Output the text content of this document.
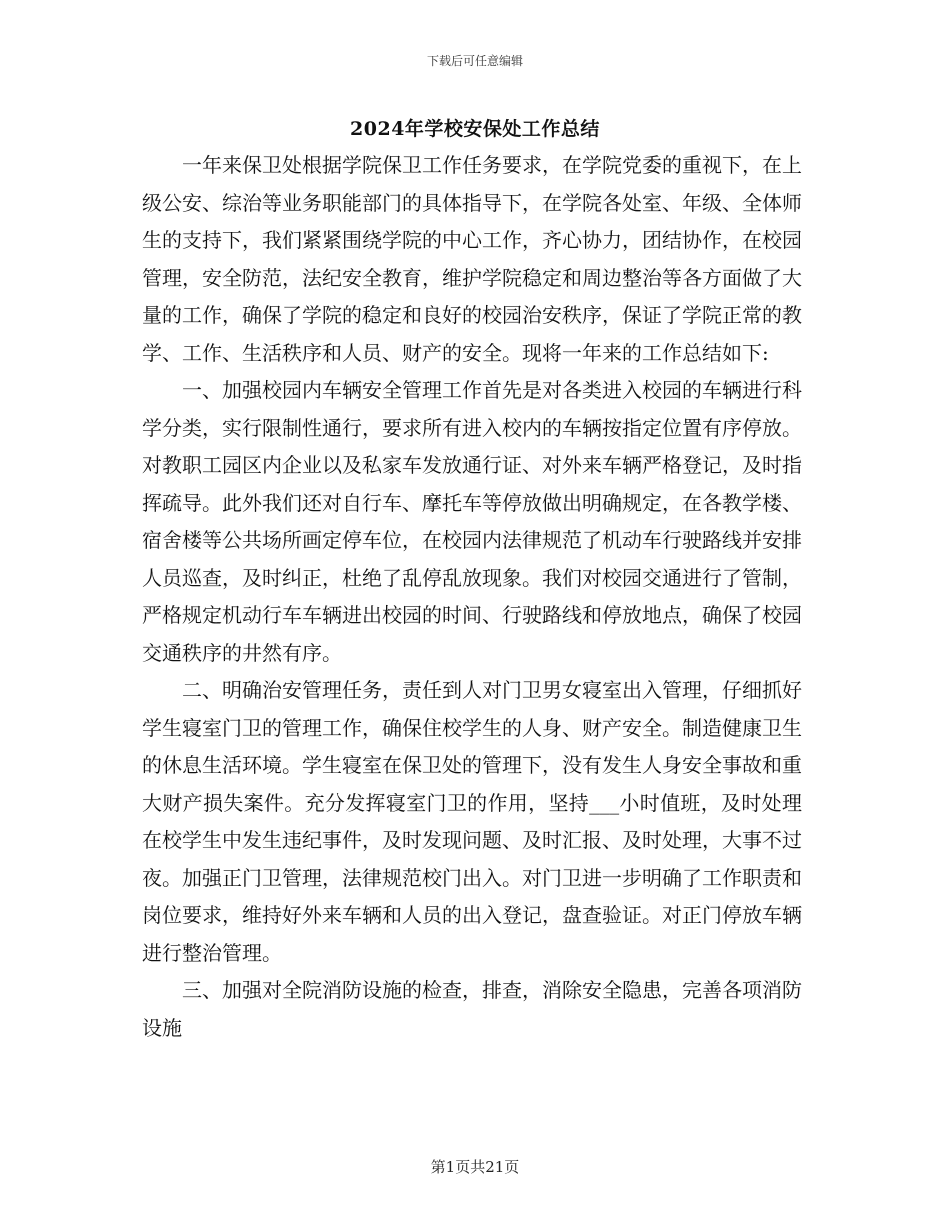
下载后可任意编辑
2024年学校安保处工作总结

一年来保卫处根据学院保卫工作任务要求，在学院党委的重视下，在上级公安、综治等业务职能部门的具体指导下，在学院各处室、年级、全体师生的支持下，我们紧紧围绕学院的中心工作，齐心协力，团结协作，在校园管理，安全防范，法纪安全教育，维护学院稳定和周边整治等各方面做了大量的工作，确保了学院的稳定和良好的校园治安秩序，保证了学院正常的教学、工作、生活秩序和人员、财产的安全。现将一年来的工作总结如下:

一、加强校园内车辆安全管理工作首先是对各类进入校园的车辆进行科学分类，实行限制性通行，要求所有进入校内的车辆按指定位置有序停放。对教职工园区内企业以及私家车发放通行证、对外来车辆严格登记，及时指挥疏导。此外我们还对自行车、摩托车等停放做出明确规定，在各教学楼、宿舍楼等公共场所画定停车位，在校园内法律规范了机动车行驶路线并安排人员巡查，及时纠正，杜绝了乱停乱放现象。我们对校园交通进行了管制，严格规定机动行车车辆进出校园的时间、行驶路线和停放地点，确保了校园交通秩序的井然有序。

二、明确治安管理任务，责任到人对门卫男女寝室出入管理，仔细抓好学生寝室门卫的管理工作，确保住校学生的人身、财产安全。制造健康卫生的休息生活环境。学生寝室在保卫处的管理下，没有发生人身安全事故和重大财产损失案件。充分发挥寝室门卫的作用，坚持___小时值班，及时处理在校学生中发生违纪事件，及时发现问题、及时汇报、及时处理，大事不过夜。加强正门卫管理，法律规范校门出入。对门卫进一步明确了工作职责和岗位要求，维持好外来车辆和人员的出入登记，盘查验证。对正门停放车辆进行整治管理。

三、加强对全院消防设施的检查，排查，消除安全隐患，完善各项消防设施

第1页共21页
